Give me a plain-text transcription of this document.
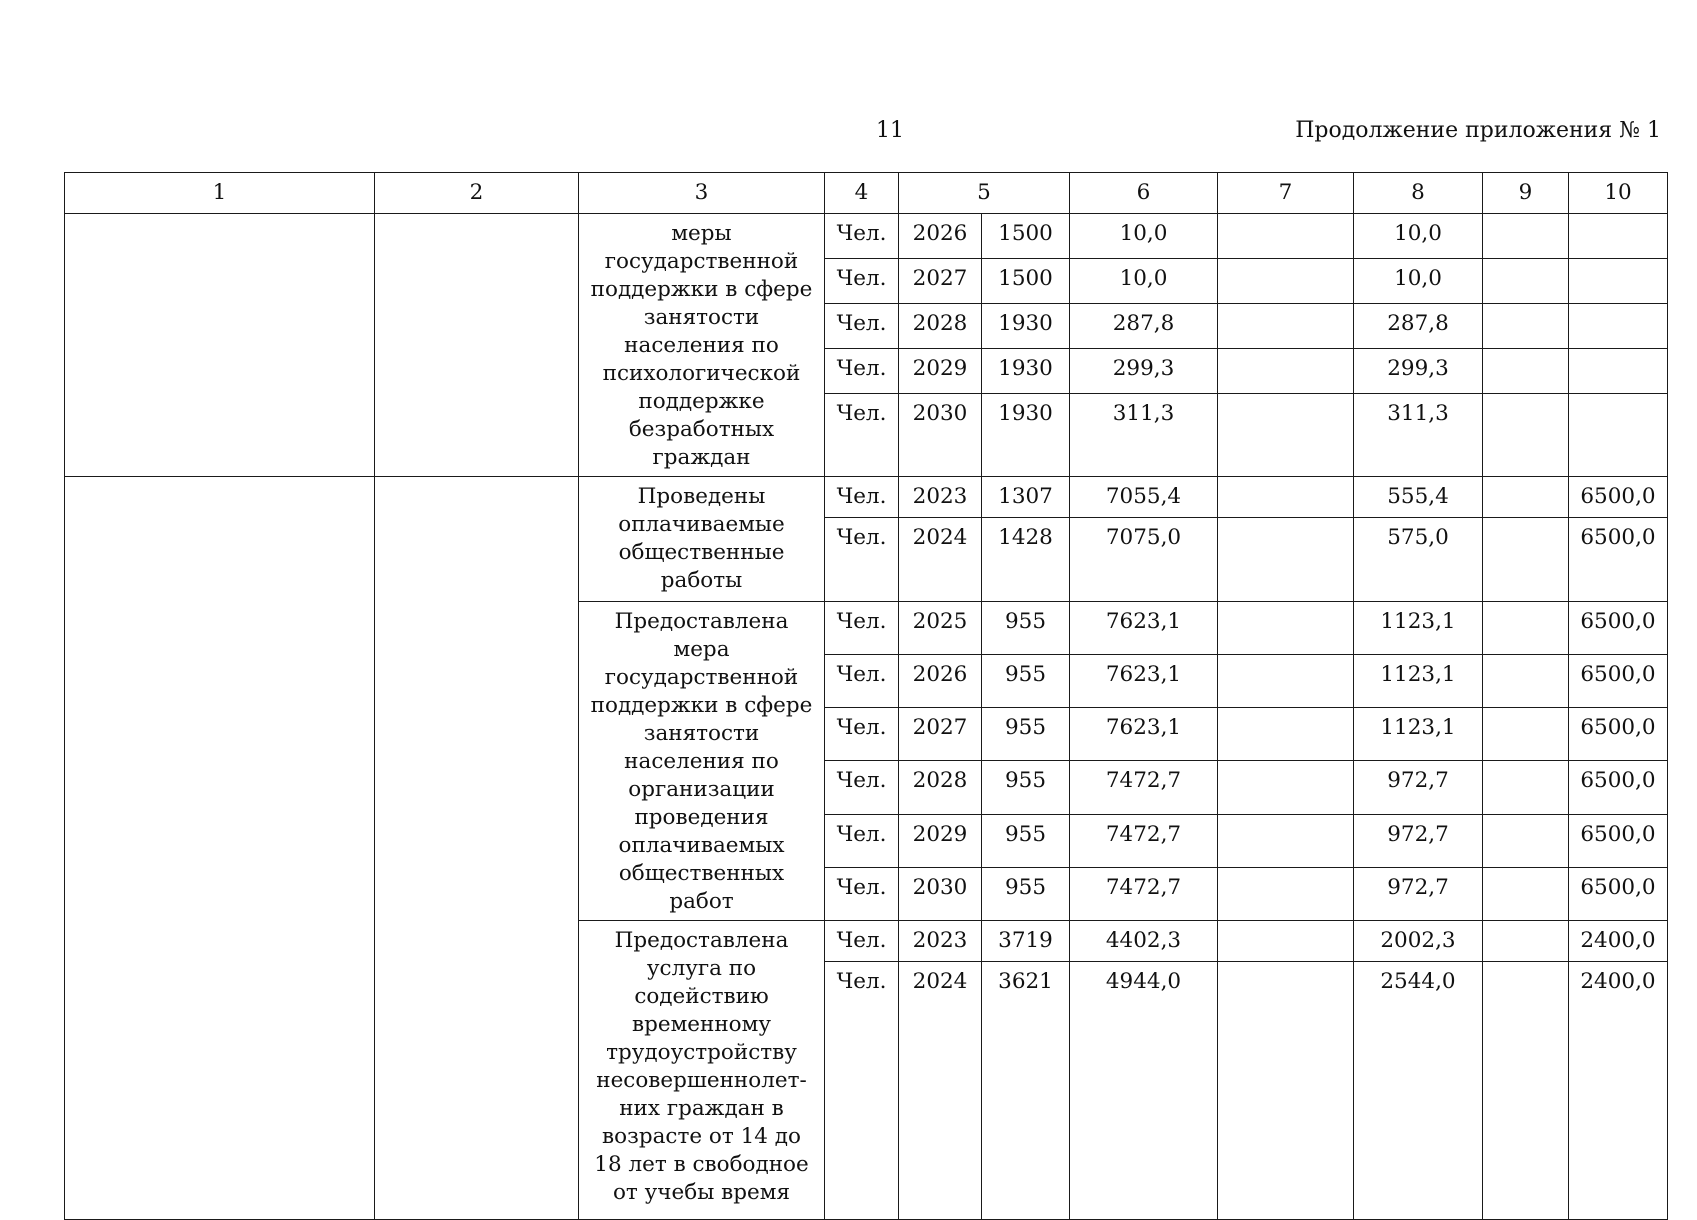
11	Продолжение приложения № 1
1	2	3	4	5		6	7	8	9	10
		меры государственной поддержки в сфере занятости населения по психологической поддержке безработных граждан	Чел.	2026	1500	10,0		10,0		
			Чел.	2027	1500	10,0		10,0		
			Чел.	2028	1930	287,8		287,8		
			Чел.	2029	1930	299,3		299,3		
			Чел.	2030	1930	311,3		311,3		
		Проведены оплачиваемые общественные работы	Чел.	2023	1307	7055,4		555,4		6500,0
			Чел.	2024	1428	7075,0		575,0		6500,0
		Предоставлена мера государственной поддержки в сфере занятости населения по организации проведения оплачиваемых общественных работ	Чел.	2025	955	7623,1		1123,1		6500,0
			Чел.	2026	955	7623,1		1123,1		6500,0
			Чел.	2027	955	7623,1		1123,1		6500,0
			Чел.	2028	955	7472,7		972,7		6500,0
			Чел.	2029	955	7472,7		972,7		6500,0
			Чел.	2030	955	7472,7		972,7		6500,0
		Предоставлена услуга по содействию временному трудоустройству несовершеннолет-них граждан в возрасте от 14 до 18 лет в свободное от учебы время	Чел.	2023	3719	4402,3		2002,3		2400,0
			Чел.	2024	3621	4944,0		2544,0		2400,0
